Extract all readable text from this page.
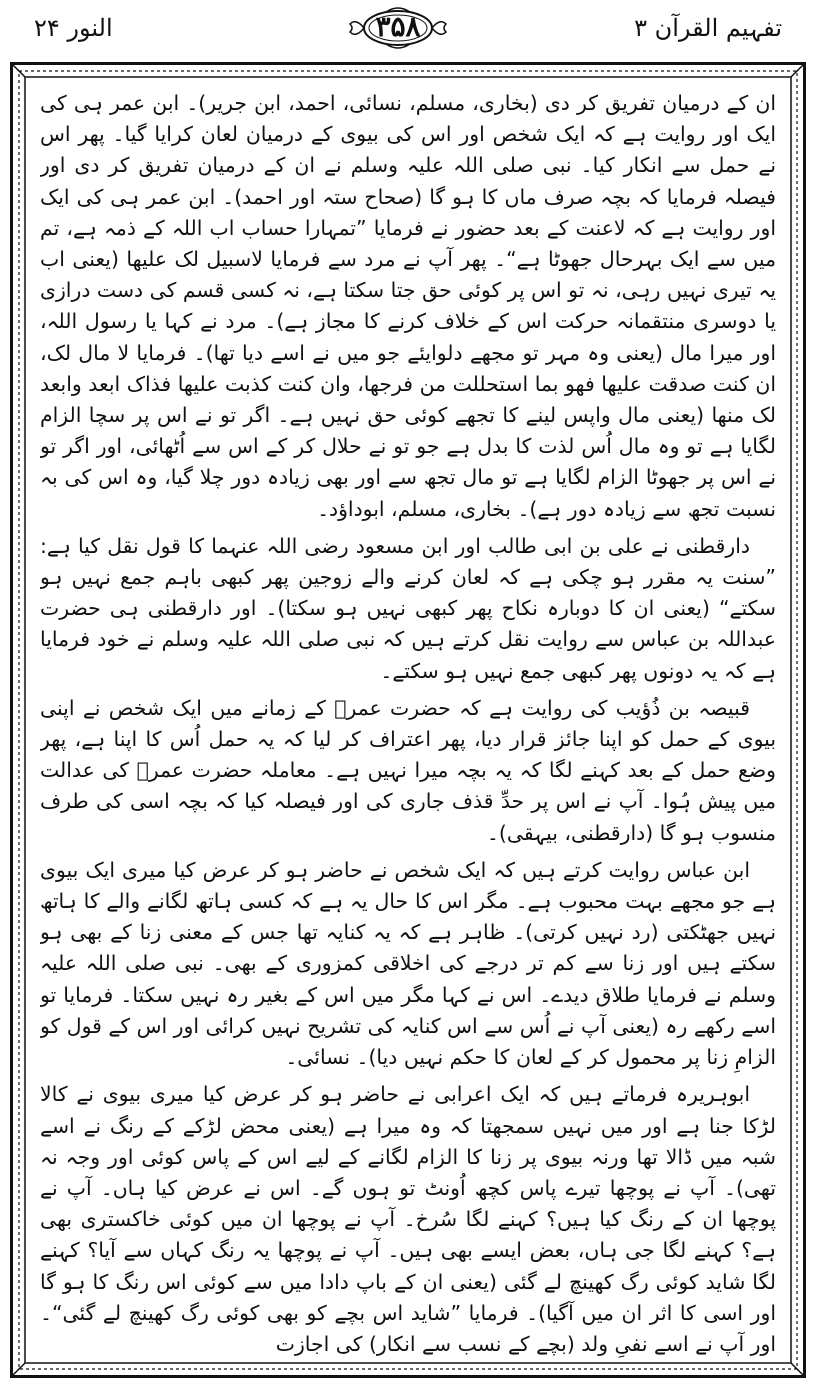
تفہیم القرآن ۳
۳۵۸
النور ۲۴

ان کے درمیان تفریق کر دی (بخاری، مسلم، نسائی، احمد، ابن جریر)۔ ابن عمر ہی کی ایک اور روایت ہے کہ ایک شخص اور اس کی بیوی کے درمیان لعان کرایا گیا۔ پھر اس نے حمل سے انکار کیا۔ نبی صلی اللہ علیہ وسلم نے ان کے درمیان تفریق کر دی اور فیصلہ فرمایا کہ بچہ صرف ماں کا ہو گا (صحاح ستہ اور احمد)۔ ابن عمر ہی کی ایک اور روایت ہے کہ لاعنت کے بعد حضور نے فرمایا ”تمہارا حساب اب اللہ کے ذمہ ہے، تم میں سے ایک بہرحال جھوٹا ہے“۔ پھر آپ نے مرد سے فرمایا لاسبیل لک علیھا (یعنی اب یہ تیری نہیں رہی، نہ تو اس پر کوئی حق جتا سکتا ہے، نہ کسی قسم کی دست درازی یا دوسری منتقمانہ حرکت اس کے خلاف کرنے کا مجاز ہے)۔ مرد نے کہا یا رسول اللہ، اور میرا مال (یعنی وہ مہر تو مجھے دلوایئے جو میں نے اسے دیا تھا)۔ فرمایا لا مال لک، ان کنت صدقت علیھا فھو بما استحللت من فرجھا، وان کنت کذبت علیھا فذاک ابعد وابعد لک منھا (یعنی مال واپس لینے کا تجھے کوئی حق نہیں ہے۔ اگر تو نے اس پر سچا الزام لگایا ہے تو وہ مال اُس لذت کا بدل ہے جو تو نے حلال کر کے اس سے اُٹھائی، اور اگر تو نے اس پر جھوٹا الزام لگایا ہے تو مال تجھ سے اور بھی زیادہ دور چلا گیا، وہ اس کی بہ نسبت تجھ سے زیادہ دور ہے)۔ بخاری، مسلم، ابوداؤد۔

دارقطنی نے علی بن ابی طالب اور ابن مسعود رضی اللہ عنہما کا قول نقل کیا ہے: ”سنت یہ مقرر ہو چکی ہے کہ لعان کرنے والے زوجین پھر کبھی باہم جمع نہیں ہو سکتے“ (یعنی ان کا دوبارہ نکاح پھر کبھی نہیں ہو سکتا)۔ اور دارقطنی ہی حضرت عبداللہ بن عباس سے روایت نقل کرتے ہیں کہ نبی صلی اللہ علیہ وسلم نے خود فرمایا ہے کہ یہ دونوں پھر کبھی جمع نہیں ہو سکتے۔

قبیصہ بن ذُؤیب کی روایت ہے کہ حضرت عمرؓ کے زمانے میں ایک شخص نے اپنی بیوی کے حمل کو اپنا جائز قرار دیا، پھر اعتراف کر لیا کہ یہ حمل اُس کا اپنا ہے، پھر وضع حمل کے بعد کہنے لگا کہ یہ بچہ میرا نہیں ہے۔ معاملہ حضرت عمرؓ کی عدالت میں پیش ہُوا۔ آپ نے اس پر حدِّ قذف جاری کی اور فیصلہ کیا کہ بچہ اسی کی طرف منسوب ہو گا (دارقطنی، بیہقی)۔

ابن عباس روایت کرتے ہیں کہ ایک شخص نے حاضر ہو کر عرض کیا میری ایک بیوی ہے جو مجھے بہت محبوب ہے۔ مگر اس کا حال یہ ہے کہ کسی ہاتھ لگانے والے کا ہاتھ نہیں جھٹکتی (رد نہیں کرتی)۔ ظاہر ہے کہ یہ کنایہ تھا جس کے معنی زنا کے بھی ہو سکتے ہیں اور زنا سے کم تر درجے کی اخلاقی کمزوری کے بھی۔ نبی صلی اللہ علیہ وسلم نے فرمایا طلاق دیدے۔ اس نے کہا مگر میں اس کے بغیر رہ نہیں سکتا۔ فرمایا تو اسے رکھے رہ (یعنی آپ نے اُس سے اس کنایہ کی تشریح نہیں کرائی اور اس کے قول کو الزامِ زنا پر محمول کر کے لعان کا حکم نہیں دیا)۔ نسائی۔

ابوہریرہ فرماتے ہیں کہ ایک اعرابی نے حاضر ہو کر عرض کیا میری بیوی نے کالا لڑکا جنا ہے اور میں نہیں سمجھتا کہ وہ میرا ہے (یعنی محض لڑکے کے رنگ نے اسے شبہ میں ڈالا تھا ورنہ بیوی پر زنا کا الزام لگانے کے لیے اس کے پاس کوئی اور وجہ نہ تھی)۔ آپ نے پوچھا تیرے پاس کچھ اُونٹ تو ہوں گے۔ اس نے عرض کیا ہاں۔ آپ نے پوچھا ان کے رنگ کیا ہیں؟ کہنے لگا سُرخ۔ آپ نے پوچھا ان میں کوئی خاکستری بھی ہے؟ کہنے لگا جی ہاں، بعض ایسے بھی ہیں۔ آپ نے پوچھا یہ رنگ کہاں سے آیا؟ کہنے لگا شاید کوئی رگ کھینچ لے گئی (یعنی ان کے باپ دادا میں سے کوئی اس رنگ کا ہو گا اور اسی کا اثر ان میں آگیا)۔ فرمایا ”شاید اس بچے کو بھی کوئی رگ کھینچ لے گئی“۔ اور آپ نے اسے نفیِ ولد (بچے کے نسب سے انکار) کی اجازت
